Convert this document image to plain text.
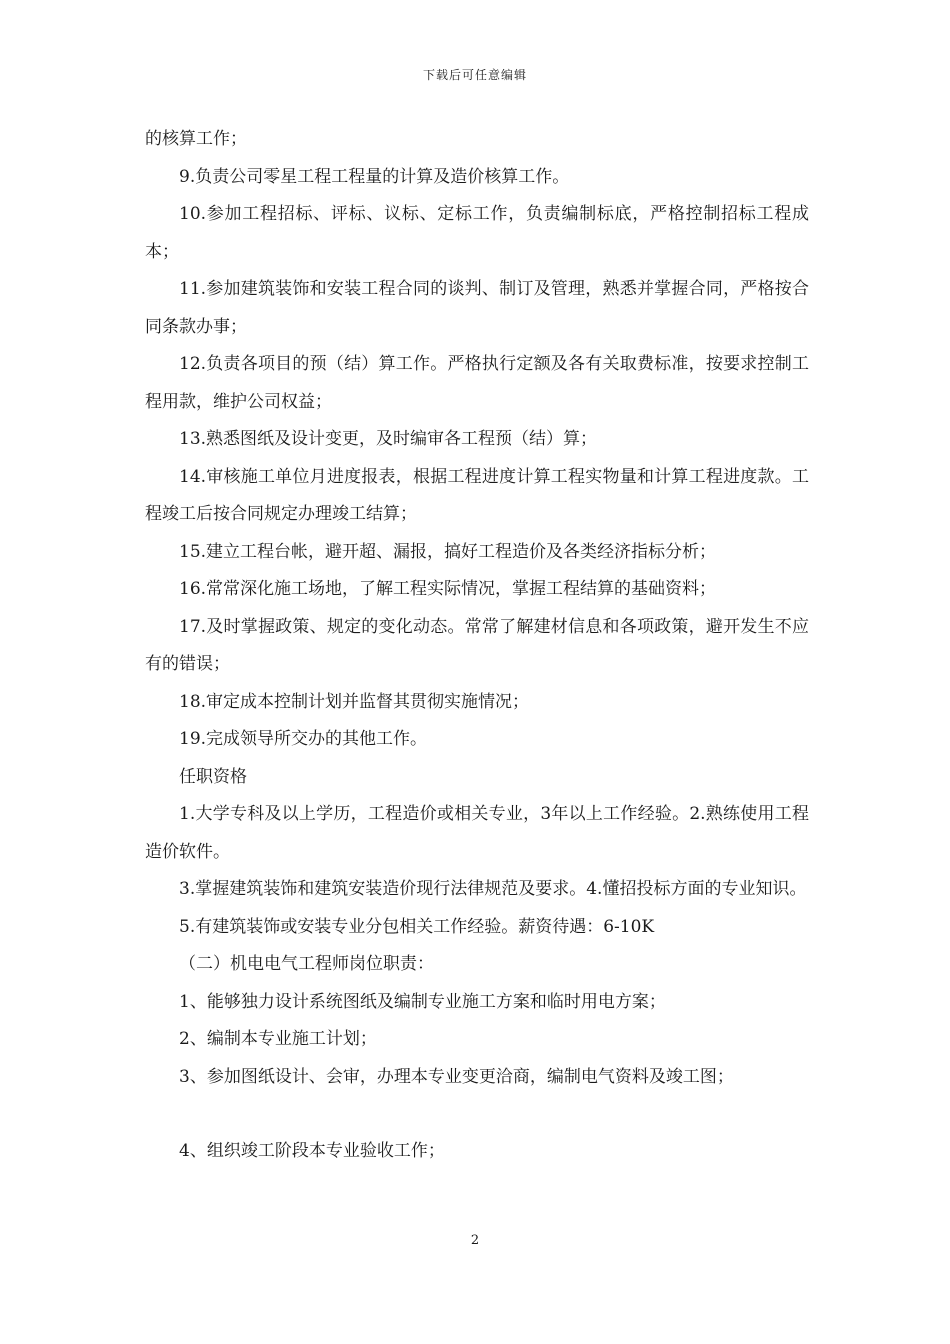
下载后可任意编辑

的核算工作；

9.负责公司零星工程工程量的计算及造价核算工作。

10.参加工程招标、评标、议标、定标工作，负责编制标底，严格控制招标工程成本；

11.参加建筑装饰和安装工程合同的谈判、制订及管理，熟悉并掌握合同，严格按合同条款办事；

12.负责各项目的预（结）算工作。严格执行定额及各有关取费标准，按要求控制工程用款，维护公司权益；

13.熟悉图纸及设计变更，及时编审各工程预（结）算；

14.审核施工单位月进度报表，根据工程进度计算工程实物量和计算工程进度款。工程竣工后按合同规定办理竣工结算；

15.建立工程台帐，避开超、漏报，搞好工程造价及各类经济指标分析；

16.常常深化施工场地，了解工程实际情况，掌握工程结算的基础资料；

17.及时掌握政策、规定的变化动态。常常了解建材信息和各项政策，避开发生不应有的错误；

18.审定成本控制计划并监督其贯彻实施情况；

19.完成领导所交办的其他工作。

任职资格

1.大学专科及以上学历，工程造价或相关专业，3年以上工作经验。2.熟练使用工程造价软件。

3.掌握建筑装饰和建筑安装造价现行法律规范及要求。4.懂招投标方面的专业知识。

5.有建筑装饰或安装专业分包相关工作经验。薪资待遇：6-10K

（二）机电电气工程师岗位职责：

1、能够独力设计系统图纸及编制专业施工方案和临时用电方案；

2、编制本专业施工计划；

3、参加图纸设计、会审，办理本专业变更洽商，编制电气资料及竣工图；

4、组织竣工阶段本专业验收工作；

2
